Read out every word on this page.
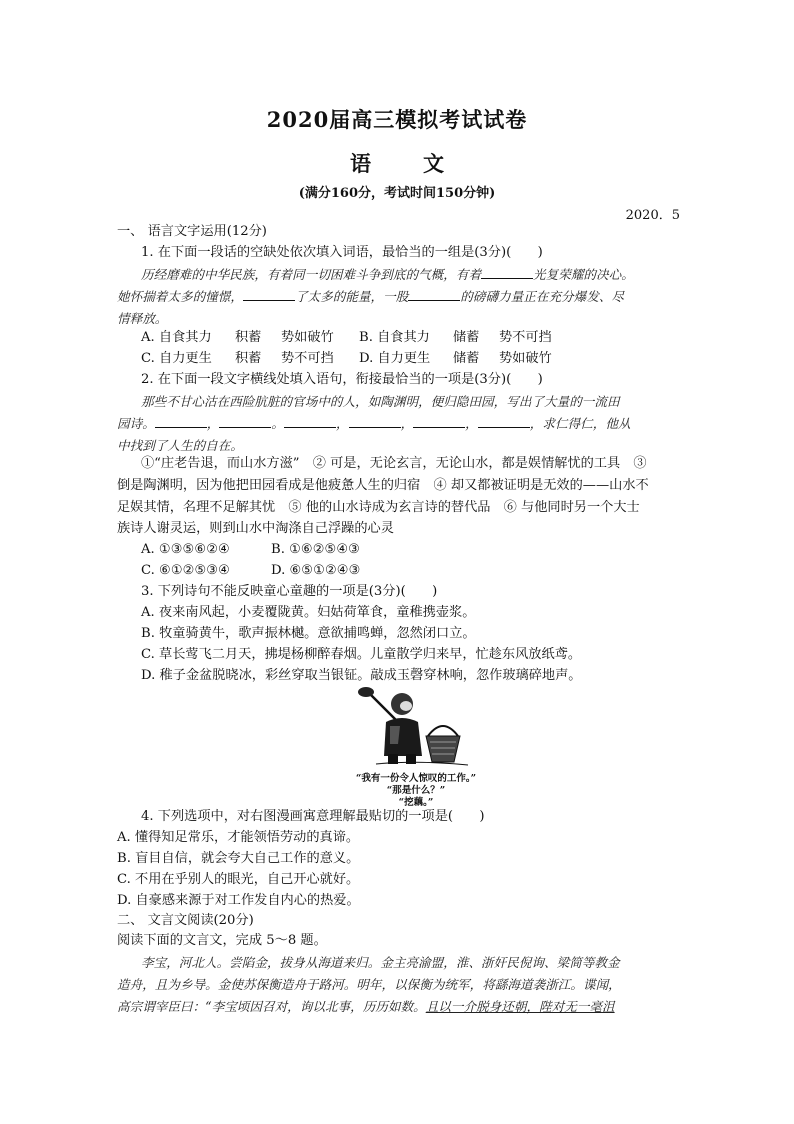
2020届高三模拟考试试卷
语 文
(满分160分，考试时间150分钟)
2020．5
一、 语言文字运用(12分)
1. 在下面一段话的空缺处依次填入词语，最恰当的一组是(3分)(　　)
历经磨难的中华民族，有着同一切困难斗争到底的气概，有着	光复荣耀的决心。
她怀揣着太多的憧憬，	了太多的能量，一股	的磅礴力量正在充分爆发、尽
情释放。
A. 自食其力 积蓄 势如破竹 B. 自食其力 储蓄 势不可挡
C. 自力更生 积蓄 势不可挡 D. 自力更生 储蓄 势如破竹
2. 在下面一段文字横线处填入语句，衔接最恰当的一项是(3分)(　　)
那些不甘心沽在西险肮脏的官场中的人，如陶渊明，便归隐田园，写出了大量的一流田
园诗。	，	。	，	，	，	，求仁得仁，他从
中找到了人生的自在。
①“庄老告退，而山水方滋”　② 可是，无论玄言，无论山水，都是娱情解忧的工具　③
倒是陶渊明，因为他把田园看成是他疲惫人生的归宿　④ 却又都被证明是无效的——山水不
足娱其情，名理不足解其忧　⑤ 他的山水诗成为玄言诗的替代品　⑥ 与他同时另一个大士
族诗人谢灵运，则到山水中淘涤自己浮躁的心灵
A. ①③⑤⑥②④	B. ①⑥②⑤④③
C. ⑥①②⑤③④	D. ⑥⑤①②④③
3. 下列诗句不能反映童心童趣的一项是(3分)(　　)
A. 夜来南风起，小麦覆陇黄。妇姑荷箪食，童稚携壶浆。
B. 牧童骑黄牛，歌声振林樾。意欲捕鸣蝉，忽然闭口立。
C. 草长莺飞二月天，拂堤杨柳醉春烟。儿童散学归来早，忙趁东风放纸鸢。
D. 稚子金盆脱晓冰，彩丝穿取当银钲。敲成玉磬穿林响，忽作玻璃碎地声。
“我有一份令人惊叹的工作。”
“那是什么？”
“挖藕。”
4. 下列选项中，对右图漫画寓意理解最贴切的一项是(　　)
A. 懂得知足常乐，才能领悟劳动的真谛。
B. 盲目自信，就会夸大自己工作的意义。
C. 不用在乎别人的眼光，自己开心就好。
D. 自豪感来源于对工作发自内心的热爱。
二、 文言文阅读(20分)
阅读下面的文言文，完成 5～8 题。
李宝，河北人。尝陷金，拔身从海道来归。金主亮渝盟，淮、浙奸民倪询、梁简等教金
造舟，且为乡导。金使苏保衡造舟于路河。明年，以保衡为统军，将繇海道袭浙江。谍闻，
高宗谓宰臣曰：“李宝顷因召对，询以北事，历历如数。且以一介脱身还朝，陛对无一毫沮
